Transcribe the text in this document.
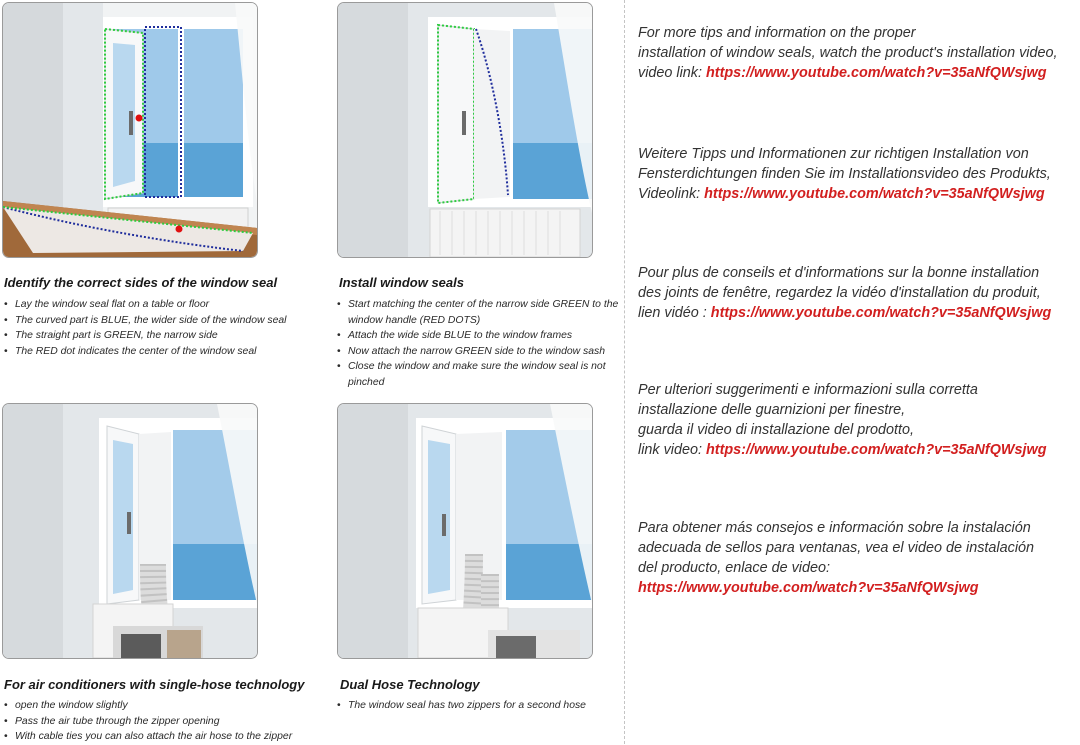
Identify the correct sides of the window seal
• Lay the window seal flat on a table or floor
• The curved part is BLUE, the wider side of the window seal
• The straight part is GREEN, the narrow side
• The RED dot indicates the center of the window seal
Install window seals
• Start matching the center of the narrow side GREEN to the window handle (RED DOTS)
• Attach the wide side BLUE to the window frames
• Now attach the narrow GREEN side to the window sash
• Close the window and make sure the window seal is not pinched
For air conditioners with single-hose technology
• open the window slightly
• Pass the air tube through the zipper opening
• With cable ties you can also attach the air hose to the zipper
Dual Hose Technology
• The window seal has two zippers for a second hose

For more tips and information on the proper
installation of window seals, watch the product's installation video,
video link: https://www.youtube.com/watch?v=35aNfQWsjwg

Weitere Tipps und Informationen zur richtigen Installation von
Fensterdichtungen finden Sie im Installationsvideo des Produkts,
Videolink: https://www.youtube.com/watch?v=35aNfQWsjwg

Pour plus de conseils et d'informations sur la bonne installation
des joints de fenêtre, regardez la vidéo d'installation du produit,
lien vidéo : https://www.youtube.com/watch?v=35aNfQWsjwg

Per ulteriori suggerimenti e informazioni sulla corretta
installazione delle guarnizioni per finestre,
guarda il video di installazione del prodotto,
link video: https://www.youtube.com/watch?v=35aNfQWsjwg

Para obtener más consejos e información sobre la instalación
adecuada de sellos para ventanas, vea el video de instalación
del producto, enlace de video:
https://www.youtube.com/watch?v=35aNfQWsjwg
